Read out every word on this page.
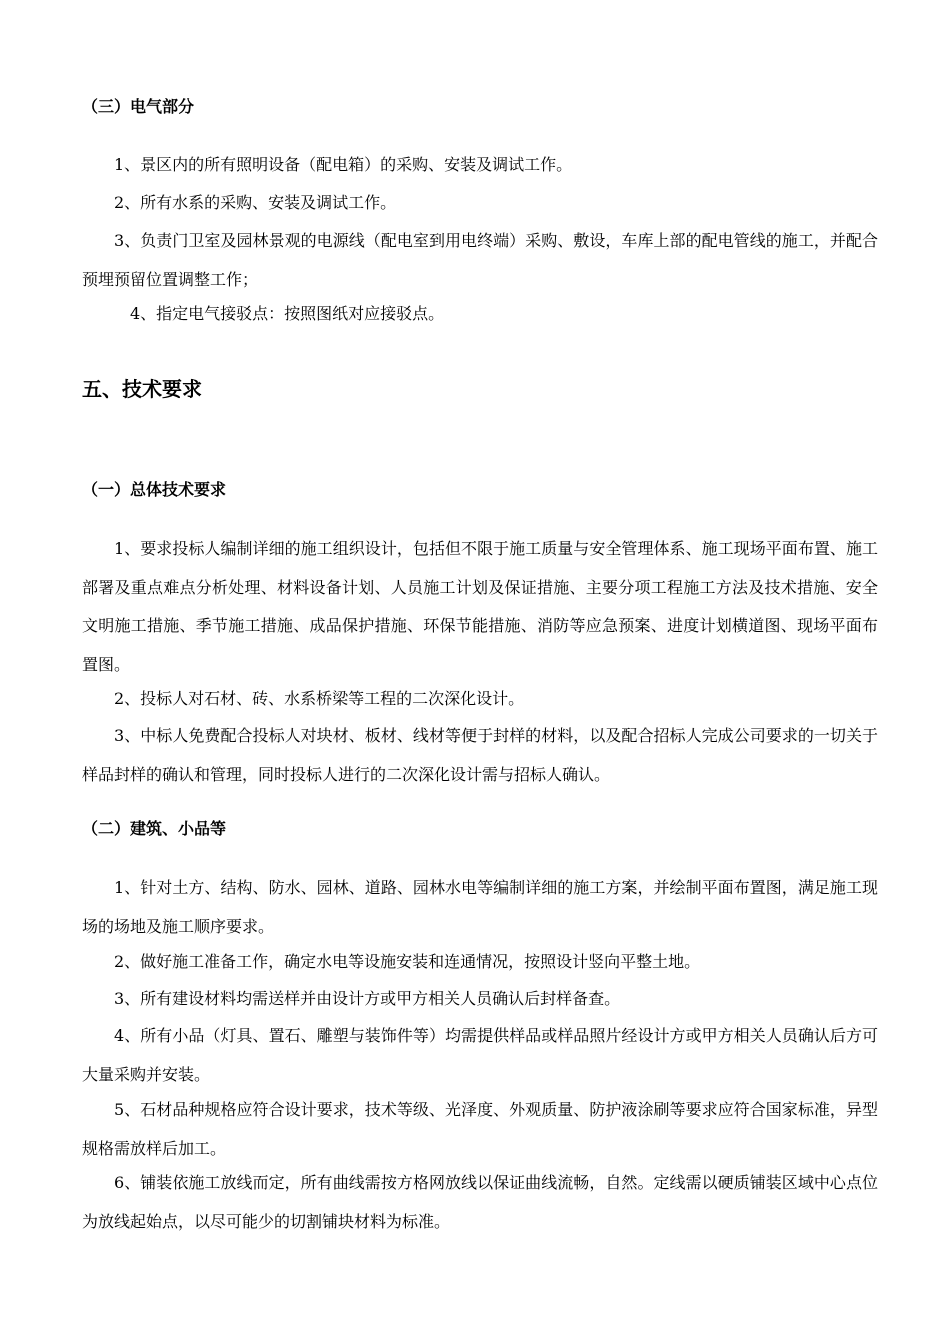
（三）电气部分

1、景区内的所有照明设备（配电箱）的采购、安装及调试工作。

2、所有水系的采购、安装及调试工作。

3、负责门卫室及园林景观的电源线（配电室到用电终端）采购、敷设，车库上部的配电管线的施工，并配合预埋预留位置调整工作；

4、指定电气接驳点：按照图纸对应接驳点。

五、技术要求
（一）总体技术要求

1、要求投标人编制详细的施工组织设计，包括但不限于施工质量与安全管理体系、施工现场平面布置、施工部署及重点难点分析处理、材料设备计划、人员施工计划及保证措施、主要分项工程施工方法及技术措施、安全文明施工措施、季节施工措施、成品保护措施、环保节能措施、消防等应急预案、进度计划横道图、现场平面布置图。

2、投标人对石材、砖、水系桥梁等工程的二次深化设计。

3、中标人免费配合投标人对块材、板材、线材等便于封样的材料，以及配合招标人完成公司要求的一切关于样品封样的确认和管理，同时投标人进行的二次深化设计需与招标人确认。

（二）建筑、小品等

1、针对土方、结构、防水、园林、道路、园林水电等编制详细的施工方案，并绘制平面布置图，满足施工现场的场地及施工顺序要求。

2、做好施工准备工作，确定水电等设施安装和连通情况，按照设计竖向平整土地。

3、所有建设材料均需送样并由设计方或甲方相关人员确认后封样备查。

4、所有小品（灯具、置石、雕塑与装饰件等）均需提供样品或样品照片经设计方或甲方相关人员确认后方可大量采购并安装。

5、石材品种规格应符合设计要求，技术等级、光泽度、外观质量、防护液涂刷等要求应符合国家标准，异型规格需放样后加工。

6、铺装依施工放线而定，所有曲线需按方格网放线以保证曲线流畅，自然。定线需以硬质铺装区域中心点位为放线起始点，以尽可能少的切割铺块材料为标准。
